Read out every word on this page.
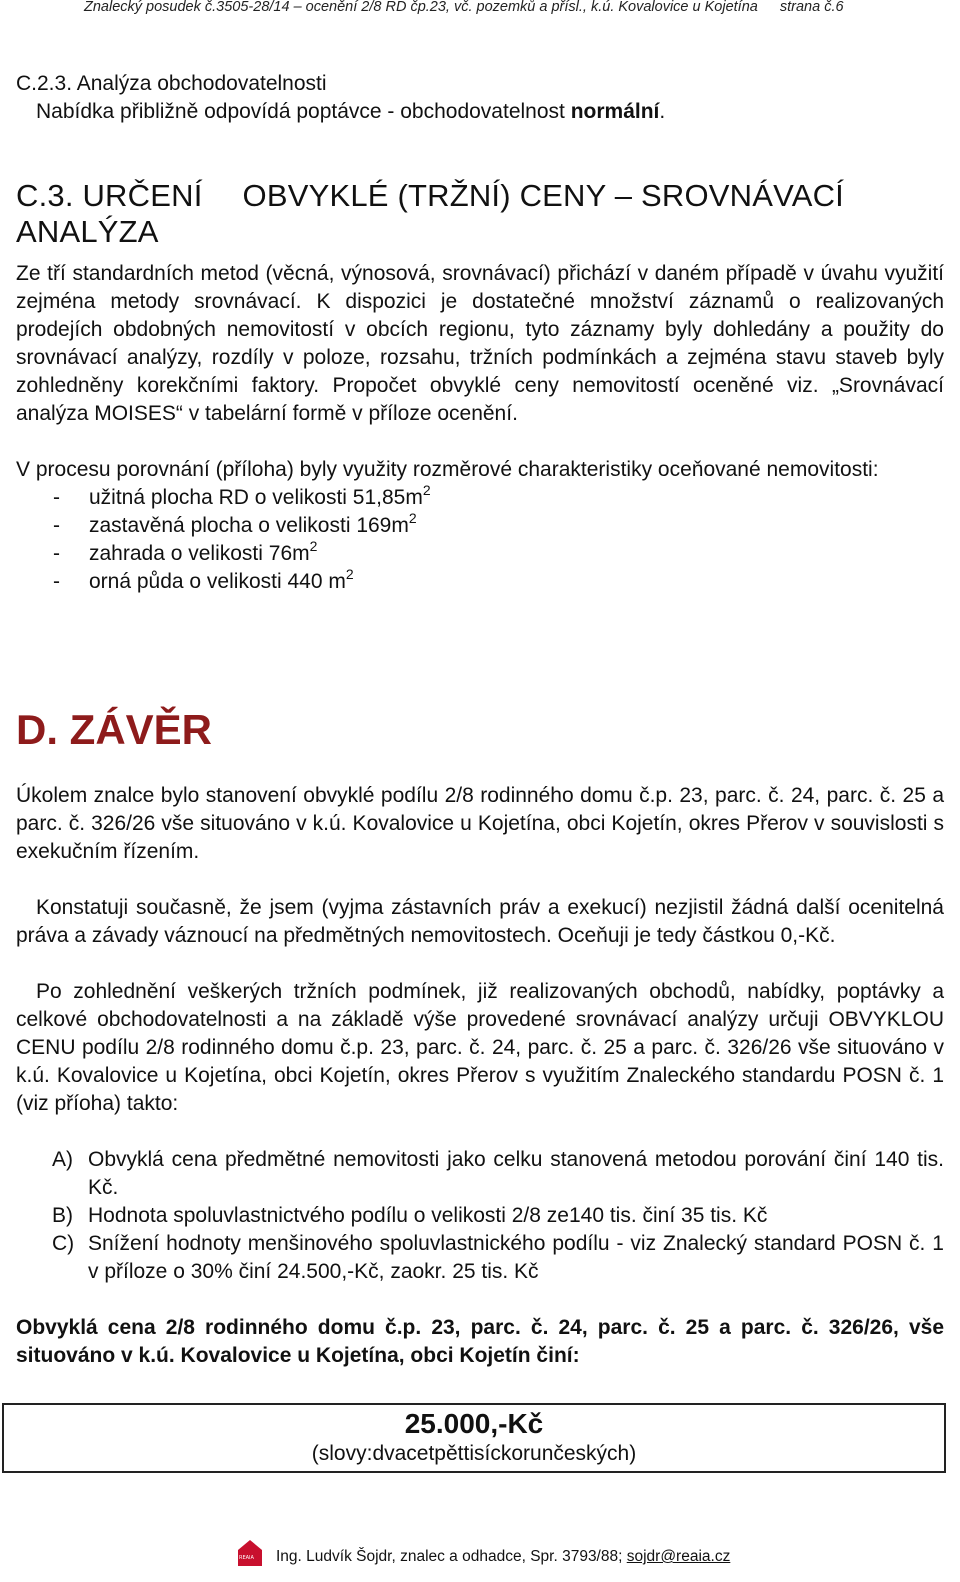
Znalecký posudek č.3505-28/14 – ocenění 2/8 RD čp.23, vč. pozemků a přísl., k.ú. Kovalovice u Kojetína strana č.6

C.2.3. Analýza obchodovatelnosti

Nabídka přibližně odpovídá poptávce - obchodovatelnost normální.

C.3. URČENÍ OBVYKLÉ (TRŽNÍ) CENY – SROVNÁVACÍ
ANALÝZA

Ze tří standardních metod (věcná, výnosová, srovnávací) přichází v daném případě v úvahu využití zejména metody srovnávací. K dispozici je dostatečné množství záznamů o realizovaných prodejích obdobných nemovitostí v obcích regionu, tyto záznamy byly dohledány a použity do srovnávací analýzy, rozdíly v poloze, rozsahu, tržních podmínkách a zejména stavu staveb byly zohledněny korekčními faktory. Propočet obvyklé ceny nemovitostí oceněné viz. „Srovnávací analýza MOISES“ v tabelární formě v příloze ocenění.

V procesu porovnání (příloha) byly využity rozměrové charakteristiky oceňované nemovitosti:

- užitná plocha RD o velikosti $51,85m^2$
- zastavěná plocha o velikosti $169m^2$
- zahrada o velikosti $76m^2$
- orná půda o velikosti 440 $m^2$

D. ZÁVĚR

Úkolem znalce bylo stanovení obvyklé podílu 2/8 rodinného domu č.p. 23, parc. č. 24, parc. č. 25 a parc. č. 326/26 vše situováno v k.ú. Kovalovice u Kojetína, obci Kojetín, okres Přerov v souvislosti s exekučním řízením.

Konstatuji současně, že jsem (vyjma zástavních práv a exekucí) nezjistil žádná další ocenitelná práva a závady váznoucí na předmětných nemovitostech. Oceňuji je tedy částkou 0,-Kč.

Po zohlednění veškerých tržních podmínek, již realizovaných obchodů, nabídky, poptávky a celkové obchodovatelnosti a na základě výše provedené srovnávací analýzy určuji OBVYKLOU CENU podílu 2/8 rodinného domu č.p. 23, parc. č. 24, parc. č. 25 a parc. č. 326/26 vše situováno v k.ú. Kovalovice u Kojetína, obci Kojetín, okres Přerov s využitím Znaleckého standardu POSN č. 1 (viz příoha) takto:

A) Obvyklá cena předmětné nemovitosti jako celku stanovená metodou porování činí 140 tis. Kč.
B) Hodnota spoluvlastnictvého podílu o velikosti 2/8 ze140 tis. činí 35 tis. Kč
C) Snížení hodnoty menšinového spoluvlastnického podílu - viz Znalecký standard POSN č. 1 v příloze o 30% činí 24.500,-Kč, zaokr. 25 tis. Kč

Obvyklá cena 2/8 rodinného domu č.p. 23, parc. č. 24, parc. č. 25 a parc. č. 326/26, vše situováno v k.ú. Kovalovice u Kojetína, obci Kojetín činí:

25.000,-Kč
(slovy:dvacetpěttisíckorunčeských)
REAIA Ing. Ludvík Šojdr, znalec a odhadce, Spr. 3793/88; sojdr@reaia.cz
